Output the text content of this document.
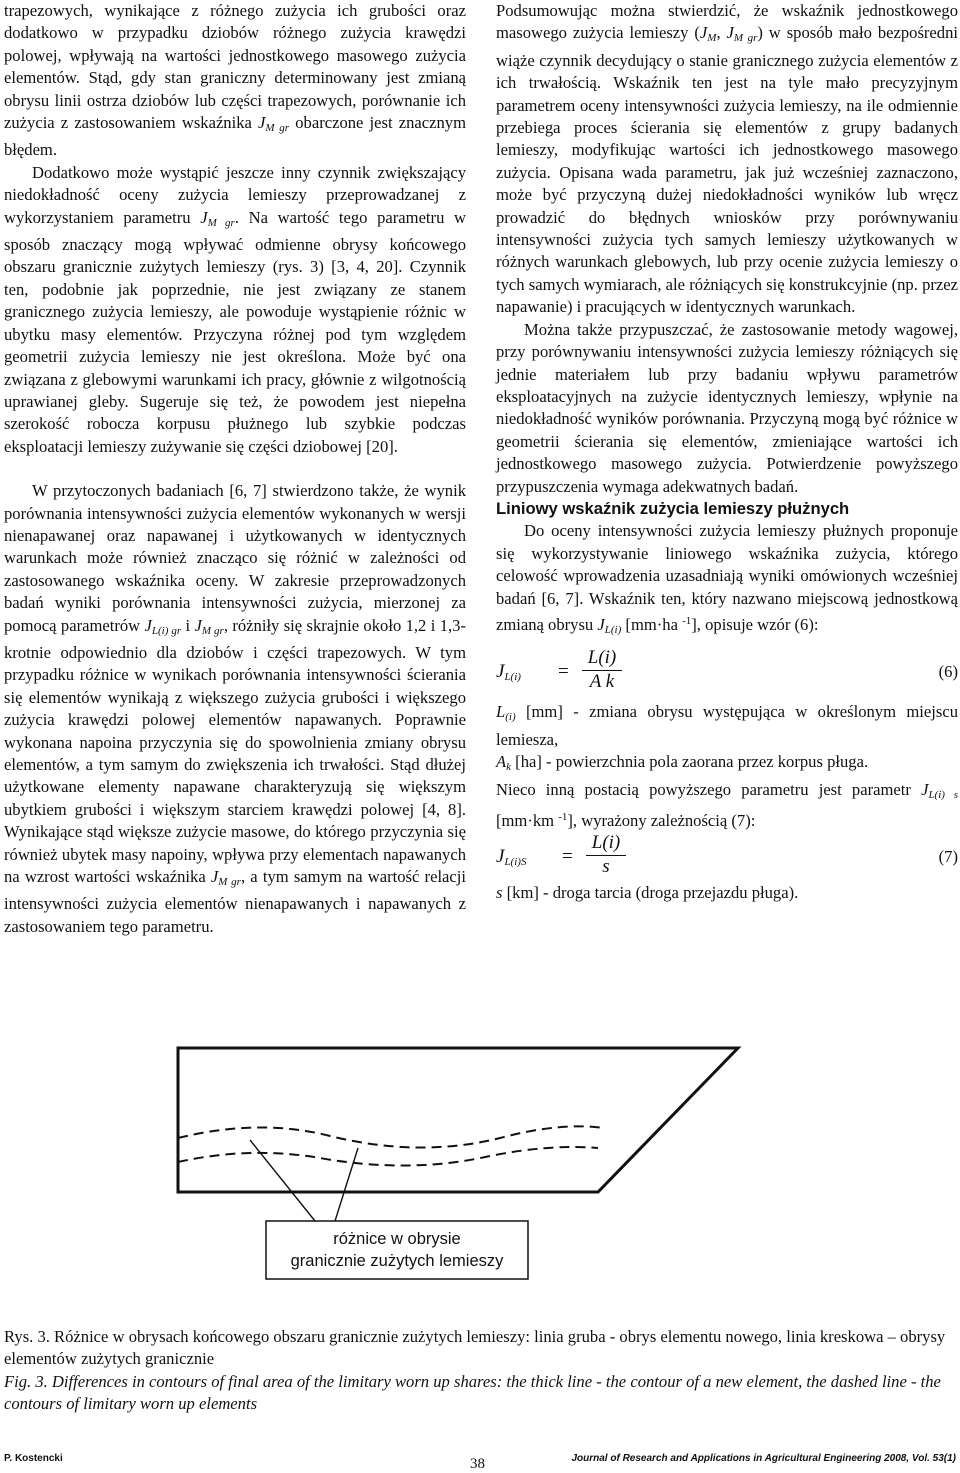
trapezowych, wynikające z różnego zużycia ich grubości oraz dodatkowo w przypadku dziobów różnego zużycia krawędzi polowej, wpływają na wartości jednostkowego masowego zużycia elementów. Stąd, gdy stan graniczny determinowany jest zmianą obrysu linii ostrza dziobów lub części trapezowych, porównanie ich zużycia z zastosowaniem wskaźnika $J_{M gr}$ obarczone jest znacznym błędem.

Dodatkowo może wystąpić jeszcze inny czynnik zwiększający niedokładność oceny zużycia lemieszy przeprowadzanej z wykorzystaniem parametru $J_{M gr}$. Na wartość tego parametru w sposób znaczący mogą wpływać odmienne obrysy końcowego obszaru granicznie zużytych lemieszy (rys. 3) [3, 4, 20]. Czynnik ten, podobnie jak poprzednie, nie jest związany ze stanem granicznego zużycia lemieszy, ale powoduje wystąpienie różnic w ubytku masy elementów. Przyczyna różnej pod tym względem geometrii zużycia lemieszy nie jest określona. Może być ona związana z glebowymi warunkami ich pracy, głównie z wilgotnością uprawianej gleby. Sugeruje się też, że powodem jest niepełna szerokość robocza korpusu płużnego lub szybkie podczas eksploatacji lemieszy zużywanie się części dziobowej [20].

W przytoczonych badaniach [6, 7] stwierdzono także, że wynik porównania intensywności zużycia elementów wykonanych w wersji nienapawanej oraz napawanej i użytkowanych w identycznych warunkach może również znacząco się różnić w zależności od zastosowanego wskaźnika oceny. W zakresie przeprowadzonych badań wyniki porównania intensywności zużycia, mierzonej za pomocą parametrów $J_{L(i) gr}$ i $J_{M gr}$, różniły się skrajnie około 1,2 i 1,3-krotnie odpowiednio dla dziobów i części trapezowych. W tym przypadku różnice w wynikach porównania intensywności ścierania się elementów wynikają z większego zużycia grubości i większego zużycia krawędzi polowej elementów napawanych. Poprawnie wykonana napoina przyczynia się do spowolnienia zmiany obrysu elementów, a tym samym do zwiększenia ich trwałości. Stąd dłużej użytkowane elementy napawane charakteryzują się większym ubytkiem grubości i większym starciem krawędzi polowej [4, 8]. Wynikające stąd większe zużycie masowe, do którego przyczynia się również ubytek masy napoiny, wpływa przy elementach napawanych na wzrost wartości wskaźnika $J_{M gr}$, a tym samym na wartość relacji intensywności zużycia elementów nienapawanych i napawanych z zastosowaniem tego parametru.

Podsumowując można stwierdzić, że wskaźnik jednostkowego masowego zużycia lemieszy ($J_M$, $J_{M gr}$) w sposób mało bezpośredni wiąże czynnik decydujący o stanie granicznego zużycia elementów z ich trwałością. Wskaźnik ten jest na tyle mało precyzyjnym parametrem oceny intensywności zużycia lemieszy, na ile odmiennie przebiega proces ścierania się elementów z grupy badanych lemieszy, modyfikując wartości ich jednostkowego masowego zużycia. Opisana wada parametru, jak już wcześniej zaznaczono, może być przyczyną dużej niedokładności wyników lub wręcz prowadzić do błędnych wniosków przy porównywaniu intensywności zużycia tych samych lemieszy użytkowanych w różnych warunkach glebowych, lub przy ocenie zużycia lemieszy o tych samych wymiarach, ale różniących się konstrukcyjnie (np. przez napawanie) i pracujących w identycznych warunkach.

Można także przypuszczać, że zastosowanie metody wagowej, przy porównywaniu intensywności zużycia lemieszy różniących się jednie materiałem lub przy badaniu wpływu parametrów eksploatacyjnych na zużycie identycznych lemieszy, wpłynie na niedokładność wyników porównania. Przyczyną mogą być różnice w geometrii ścierania się elementów, zmieniające wartości ich jednostkowego masowego zużycia. Potwierdzenie powyższego przypuszczenia wymaga adekwatnych badań.

Liniowy wskaźnik zużycia lemieszy płużnych

Do oceny intensywności zużycia lemieszy płużnych proponuje się wykorzystywanie liniowego wskaźnika zużycia, którego celowość wprowadzenia uzasadniają wyniki omówionych wcześniej badań [6, 7]. Wskaźnik ten, który nazwano miejscową jednostkową zmianą obrysu $J_{L(i)}$ [mm·ha $^{-1}$], opisuje wzór (6):

$J_{L(i)} = \frac{L(i)}{\text{A k}}$	(6)

$L_{(i)}$ [mm] - zmiana obrysu występująca w określonym miejscu lemiesza,

$A_k$ [ha] - powierzchnia pola zaorana przez korpus pługa.

Nieco inną postacią powyższego parametru jest parametr $J_{L(i) s}$ [mm·km $^{-1}$], wyrażony zależnością (7):

$J_{L(i)S} = \frac{L(i)}{s}$	(7)

s [km] - droga tarcia (droga przejazdu pługa).

różnice w obrysie
granicznie zużytych lemieszy

Rys. 3. Różnice w obrysach końcowego obszaru granicznie zużytych lemieszy: linia gruba - obrys elementu nowego, linia kreskowa – obrysy elementów zużytych granicznie

Fig. 3. Differences in contours of final area of the limitary worn up shares: the thick line - the contour of a new element, the dashed line - the contours of limitary worn up elements

P. Kostencki	38	Journal of Research and Applications in Agricultural Engineering 2008, Vol. 53(1)
